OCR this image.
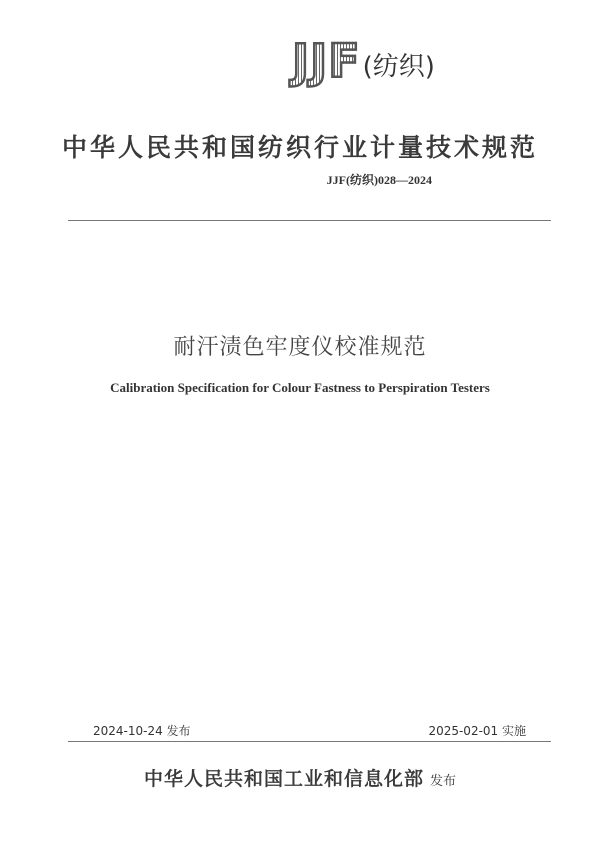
JJF (纺织)
中华人民共和国纺织行业计量技术规范
JJF(纺织)028—2024
耐汗渍色牢度仪校准规范
Calibration Specification for Colour Fastness to Perspiration Testers
2024-10-24 发布	2025-02-01 实施
中华人民共和国工业和信息化部 发布
